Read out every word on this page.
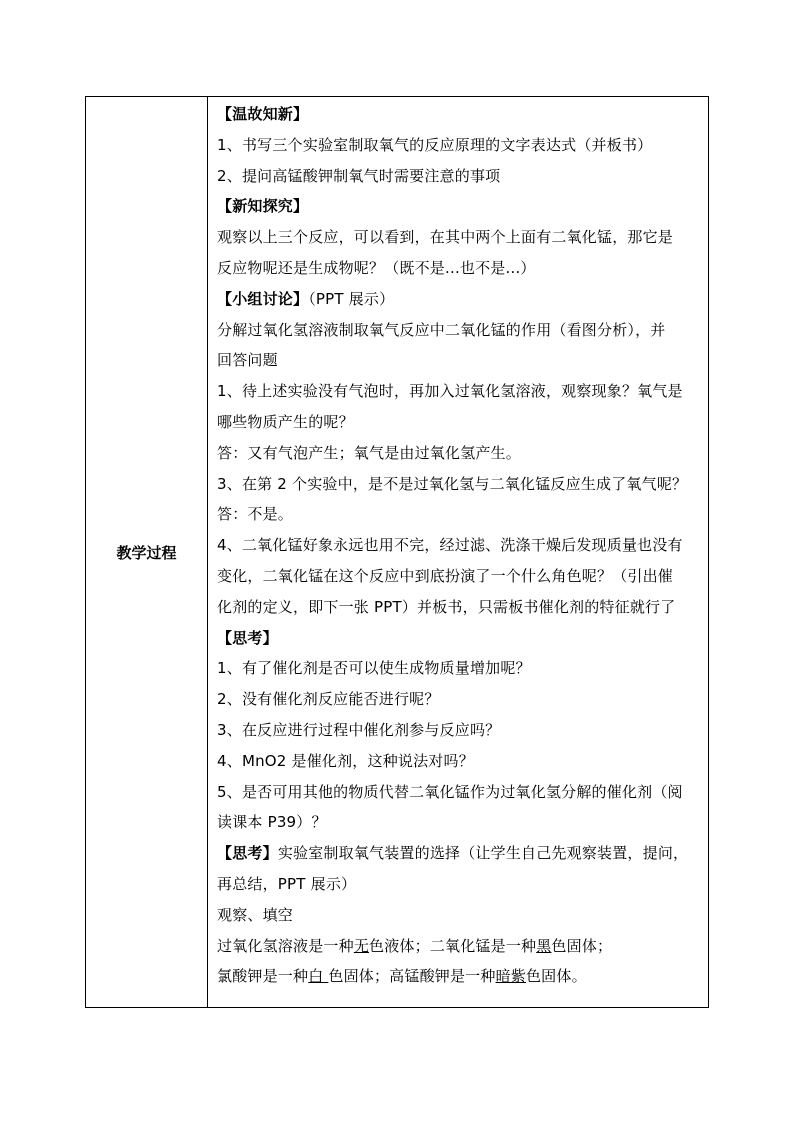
教学过程
【温故知新】
1、书写三个实验室制取氧气的反应原理的文字表达式（并板书）
2、提问高锰酸钾制氧气时需要注意的事项
【新知探究】
观察以上三个反应，可以看到，在其中两个上面有二氧化锰，那它是
反应物呢还是生成物呢？（既不是...也不是...）
【小组讨论】（PPT 展示）
分解过氧化氢溶液制取氧气反应中二氧化锰的作用（看图分析），并
回答问题
1、待上述实验没有气泡时，再加入过氧化氢溶液，观察现象？氧气是
哪些物质产生的呢？
答：又有气泡产生；氧气是由过氧化氢产生。
3、在第 2 个实验中，是不是过氧化氢与二氧化锰反应生成了氧气呢？
答：不是。
4、二氧化锰好象永远也用不完，经过滤、洗涤干燥后发现质量也没有
变化，二氧化锰在这个反应中到底扮演了一个什么角色呢？（引出催
化剂的定义，即下一张 PPT）并板书，只需板书催化剂的特征就行了
【思考】
1、有了催化剂是否可以使生成物质量增加呢？
2、没有催化剂反应能否进行呢？
3、在反应进行过程中催化剂参与反应吗？
4、MnO2 是催化剂，这种说法对吗？
5、是否可用其他的物质代替二氧化锰作为过氧化氢分解的催化剂（阅
读课本 P39）？
【思考】实验室制取氧气装置的选择（让学生自己先观察装置，提问，
再总结，PPT 展示）
观察、填空
过氧化氢溶液是一种无色液体；二氧化锰是一种黑色固体；
氯酸钾是一种白 色固体；高锰酸钾是一种暗紫色固体。
